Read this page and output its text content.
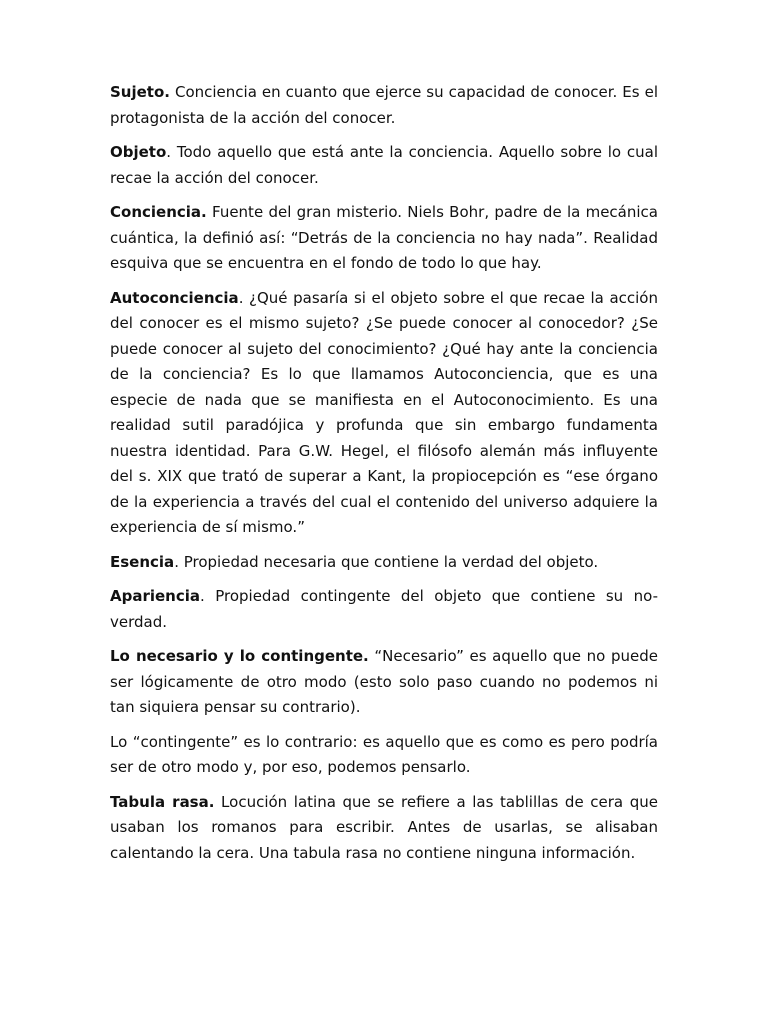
Sujeto. Conciencia en cuanto que ejerce su capacidad de conocer. Es el protagonista de la acción del conocer.

Objeto. Todo aquello que está ante la conciencia. Aquello sobre lo cual recae la acción del conocer.

Conciencia. Fuente del gran misterio. Niels Bohr, padre de la mecánica cuántica, la definió así: “Detrás de la conciencia no hay nada”. Realidad esquiva que se encuentra en el fondo de todo lo que hay.

Autoconciencia. ¿Qué pasaría si el objeto sobre el que recae la acción del conocer es el mismo sujeto? ¿Se puede conocer al conocedor? ¿Se puede conocer al sujeto del conocimiento? ¿Qué hay ante la conciencia de la conciencia? Es lo que llamamos Autoconciencia, que es una especie de nada que se manifiesta en el Autoconocimiento. Es una realidad sutil paradójica y profunda que sin embargo fundamenta nuestra identidad. Para G.W. Hegel, el filósofo alemán más influyente del s. XIX que trató de superar a Kant, la propiocepción es “ese órgano de la experiencia a través del cual el contenido del universo adquiere la experiencia de sí mismo.”

Esencia. Propiedad necesaria que contiene la verdad del objeto.

Apariencia. Propiedad contingente del objeto que contiene su no-verdad.

Lo necesario y lo contingente. “Necesario” es aquello que no puede ser lógicamente de otro modo (esto solo paso cuando no podemos ni tan siquiera pensar su contrario).

Lo “contingente” es lo contrario: es aquello que es como es pero podría ser de otro modo y, por eso, podemos pensarlo.

Tabula rasa. Locución latina que se refiere a las tablillas de cera que usaban los romanos para escribir. Antes de usarlas, se alisaban calentando la cera. Una tabula rasa no contiene ninguna información.
